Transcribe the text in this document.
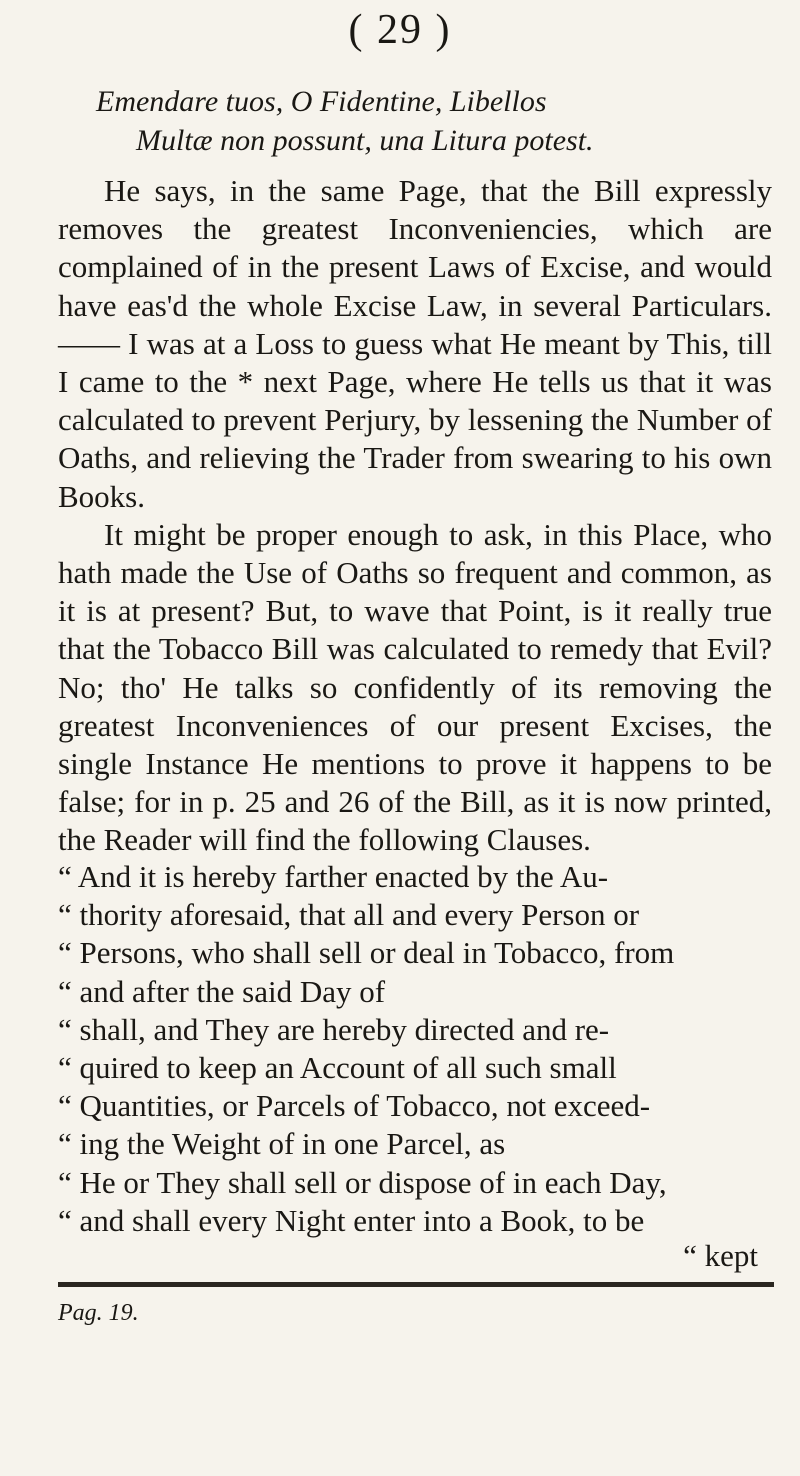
( 29 )
Emendare tuos, O Fidentine, Libellos
Multæ non possunt, una Litura potest.

He says, in the same Page, that the Bill expressly removes the greatest Inconveniencies, which are complained of in the present Laws of Excise, and would have eas'd the whole Excise Law, in several Particulars. —— I was at a Loss to guess what He meant by This, till I came to the * next Page, where He tells us that it was calculated to prevent Perjury, by lessening the Number of Oaths, and relieving the Trader from swearing to his own Books.

It might be proper enough to ask, in this Place, who hath made the Use of Oaths so frequent and common, as it is at present? But, to wave that Point, is it really true that the Tobacco Bill was calculated to remedy that Evil? No; tho' He talks so confidently of its removing the greatest Inconveniences of our present Excises, the single Instance He mentions to prove it happens to be false; for in p. 25 and 26 of the Bill, as it is now printed, the Reader will find the following Clauses.

“ And it is hereby farther enacted by the Au-
“ thority aforesaid, that all and every Person or
“ Persons, who shall sell or deal in Tobacco, from
“ and after the said Day of
“ shall, and They are hereby directed and re-
“ quired to keep an Account of all such small
“ Quantities, or Parcels of Tobacco, not exceed-
“ ing the Weight of in one Parcel, as
“ He or They shall sell or dispose of in each Day,
“ and shall every Night enter into a Book, to be
“ kept
Pag. 19.
